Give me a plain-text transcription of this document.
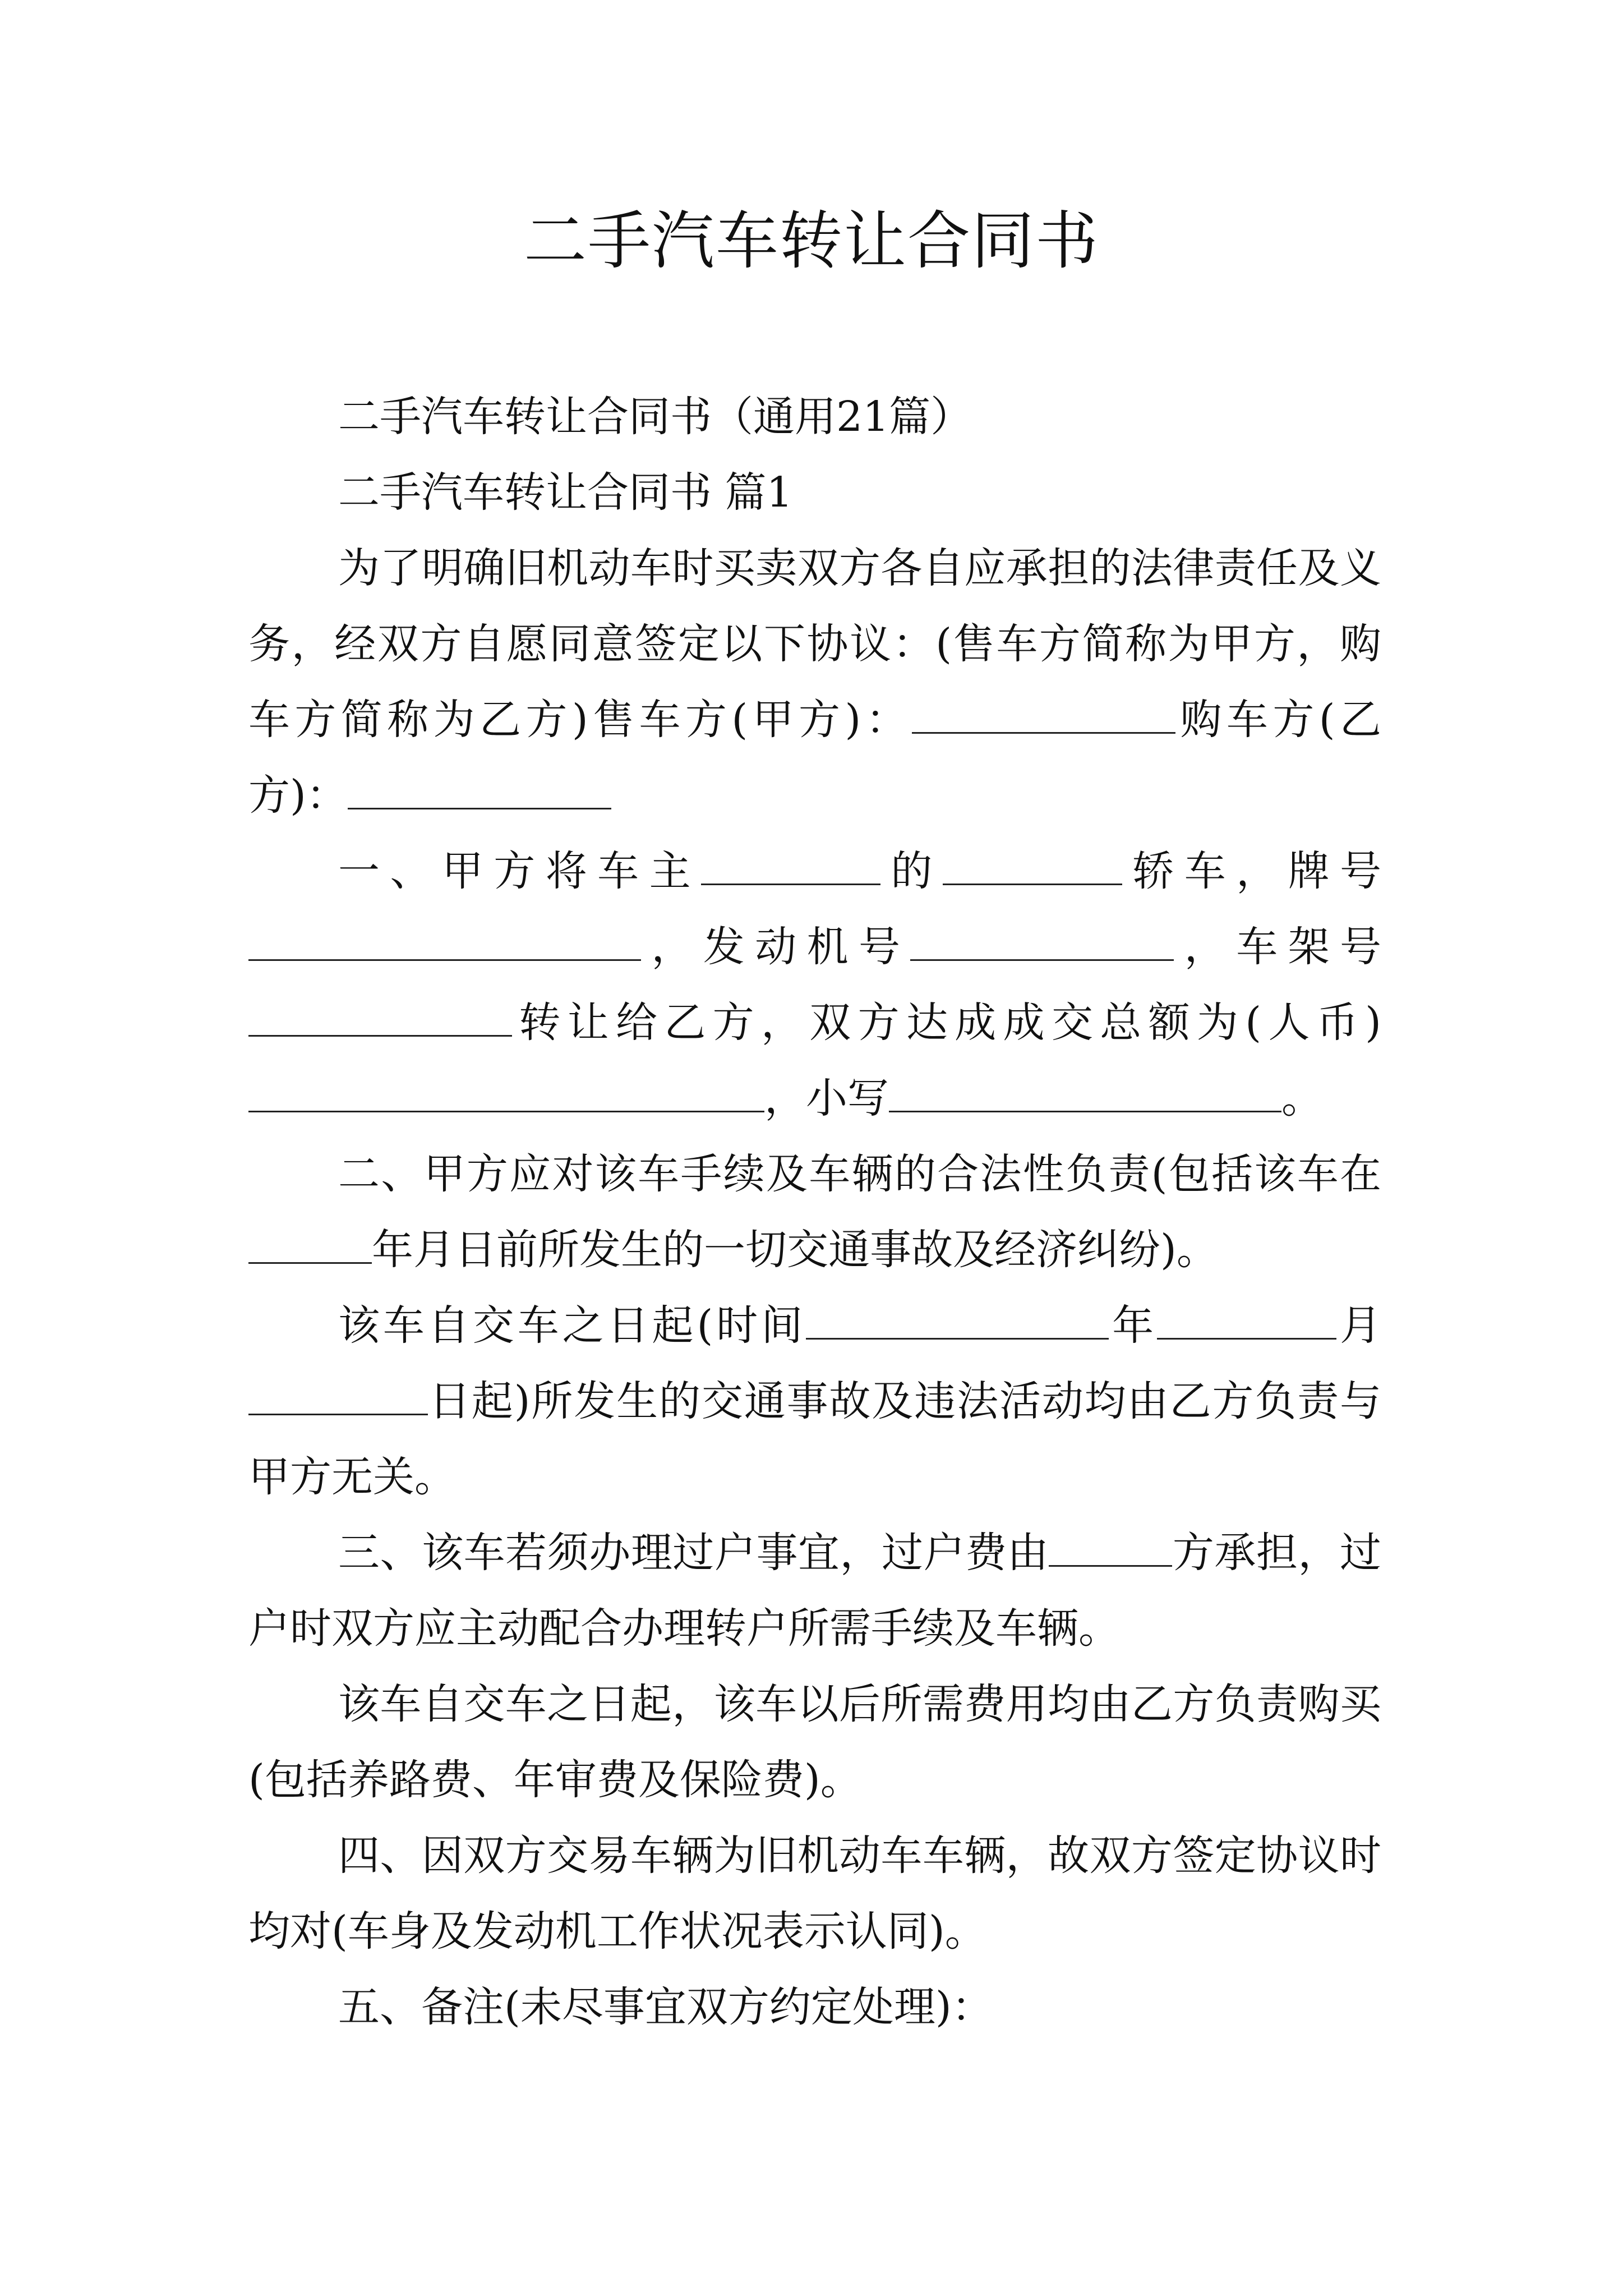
二手汽车转让合同书

二手汽车转让合同书（通用21篇）

二手汽车转让合同书 篇1

为了明确旧机动车时买卖双方各自应承担的法律责任及义务，经双方自愿同意签定以下协议：(售车方简称为甲方，购车方简称为乙方)售车方(甲方)：	购车方(乙方)：

一、甲方将车主	的	轿车，牌号，发动机号	，车架号转让给乙方，双方达成成交总额为(人币)，小写	。

二、甲方应对该车手续及车辆的合法性负责(包括该车在年月日前所发生的一切交通事故及经济纠纷)。

该车自交车之日起(时间	年	月日起)所发生的交通事故及违法活动均由乙方负责与甲方无关。

三、该车若须办理过户事宜，过户费由	方承担，过户时双方应主动配合办理转户所需手续及车辆。

该车自交车之日起，该车以后所需费用均由乙方负责购买(包括养路费、年审费及保险费)。

四、因双方交易车辆为旧机动车车辆，故双方签定协议时均对(车身及发动机工作状况表示认同)。

五、备注(未尽事宜双方约定处理)：
